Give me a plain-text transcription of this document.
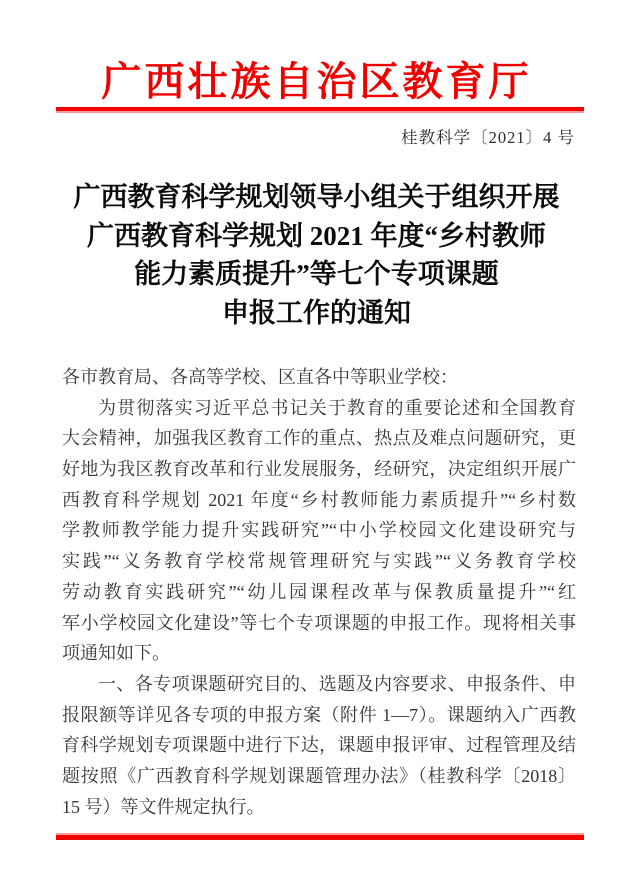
广西壮族自治区教育厅
桂教科学〔2021〕4 号
广西教育科学规划领导小组关于组织开展
广西教育科学规划 2021 年度“乡村教师
能力素质提升”等七个专项课题
申报工作的通知
各市教育局、各高等学校、区直各中等职业学校：
为贯彻落实习近平总书记关于教育的重要论述和全国教育
大会精神，加强我区教育工作的重点、热点及难点问题研究，更
好地为我区教育改革和行业发展服务，经研究，决定组织开展广
西教育科学规划 2021 年度“乡村教师能力素质提升”“乡村数
学教师教学能力提升实践研究”“中小学校园文化建设研究与
实践”“义务教育学校常规管理研究与实践”“义务教育学校
劳动教育实践研究”“幼儿园课程改革与保教质量提升”“红
军小学校园文化建设”等七个专项课题的申报工作。现将相关事
项通知如下。
一、各专项课题研究目的、选题及内容要求、申报条件、申
报限额等详见各专项的申报方案（附件 1—7）。课题纳入广西教
育科学规划专项课题中进行下达，课题申报评审、过程管理及结
题按照《广西教育科学规划课题管理办法》（桂教科学〔2018〕
15 号）等文件规定执行。
